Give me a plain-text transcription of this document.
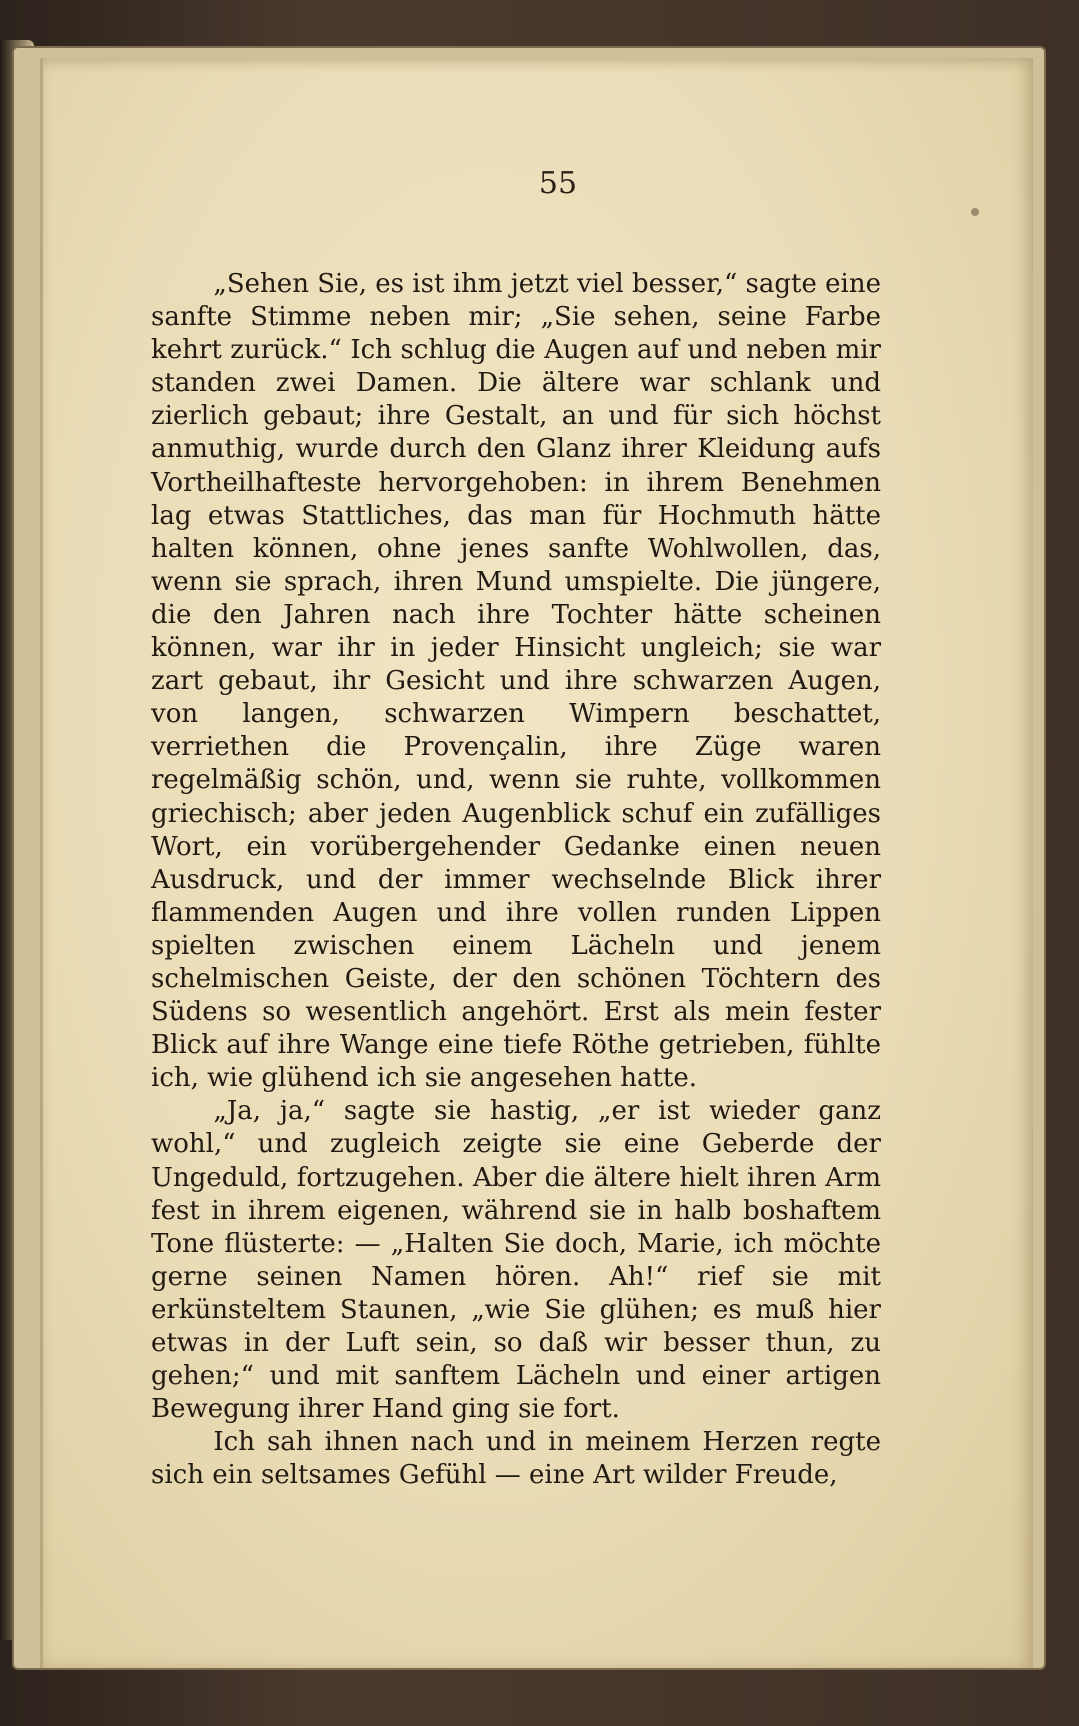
55

„Sehen Sie, es ist ihm jetzt viel besser,“ sagte eine sanfte Stimme neben mir; „Sie sehen, seine Farbe kehrt zurück.“ Ich schlug die Augen auf und neben mir standen zwei Damen. Die ältere war schlank und zierlich gebaut; ihre Gestalt, an und für sich höchst anmuthig, wurde durch den Glanz ihrer Kleidung aufs Vortheilhafteste hervorgehoben: in ihrem Benehmen lag etwas Stattliches, das man für Hochmuth hätte halten können, ohne jenes sanfte Wohlwollen, das, wenn sie sprach, ihren Mund umspielte. Die jüngere, die den Jahren nach ihre Tochter hätte scheinen können, war ihr in jeder Hinsicht ungleich; sie war zart gebaut, ihr Gesicht und ihre schwarzen Augen, von langen, schwarzen Wimpern beschattet, verriethen die Provençalin, ihre Züge waren regelmäßig schön, und, wenn sie ruhte, vollkommen griechisch; aber jeden Augenblick schuf ein zufälliges Wort, ein vorübergehender Gedanke einen neuen Ausdruck, und der immer wechselnde Blick ihrer flammenden Augen und ihre vollen runden Lippen spielten zwischen einem Lächeln und jenem schelmischen Geiste, der den schönen Töchtern des Südens so wesentlich angehört. Erst als mein fester Blick auf ihre Wange eine tiefe Röthe getrieben, fühlte ich, wie glühend ich sie angesehen hatte.

„Ja, ja,“ sagte sie hastig, „er ist wieder ganz wohl,“ und zugleich zeigte sie eine Geberde der Ungeduld, fortzugehen. Aber die ältere hielt ihren Arm fest in ihrem eigenen, während sie in halb boshaftem Tone flüsterte: — „Halten Sie doch, Marie, ich möchte gerne seinen Namen hören. Ah!“ rief sie mit erkünsteltem Staunen, „wie Sie glühen; es muß hier etwas in der Luft sein, so daß wir besser thun, zu gehen;“ und mit sanftem Lächeln und einer artigen Bewegung ihrer Hand ging sie fort.

Ich sah ihnen nach und in meinem Herzen regte sich ein seltsames Gefühl — eine Art wilder Freude,
